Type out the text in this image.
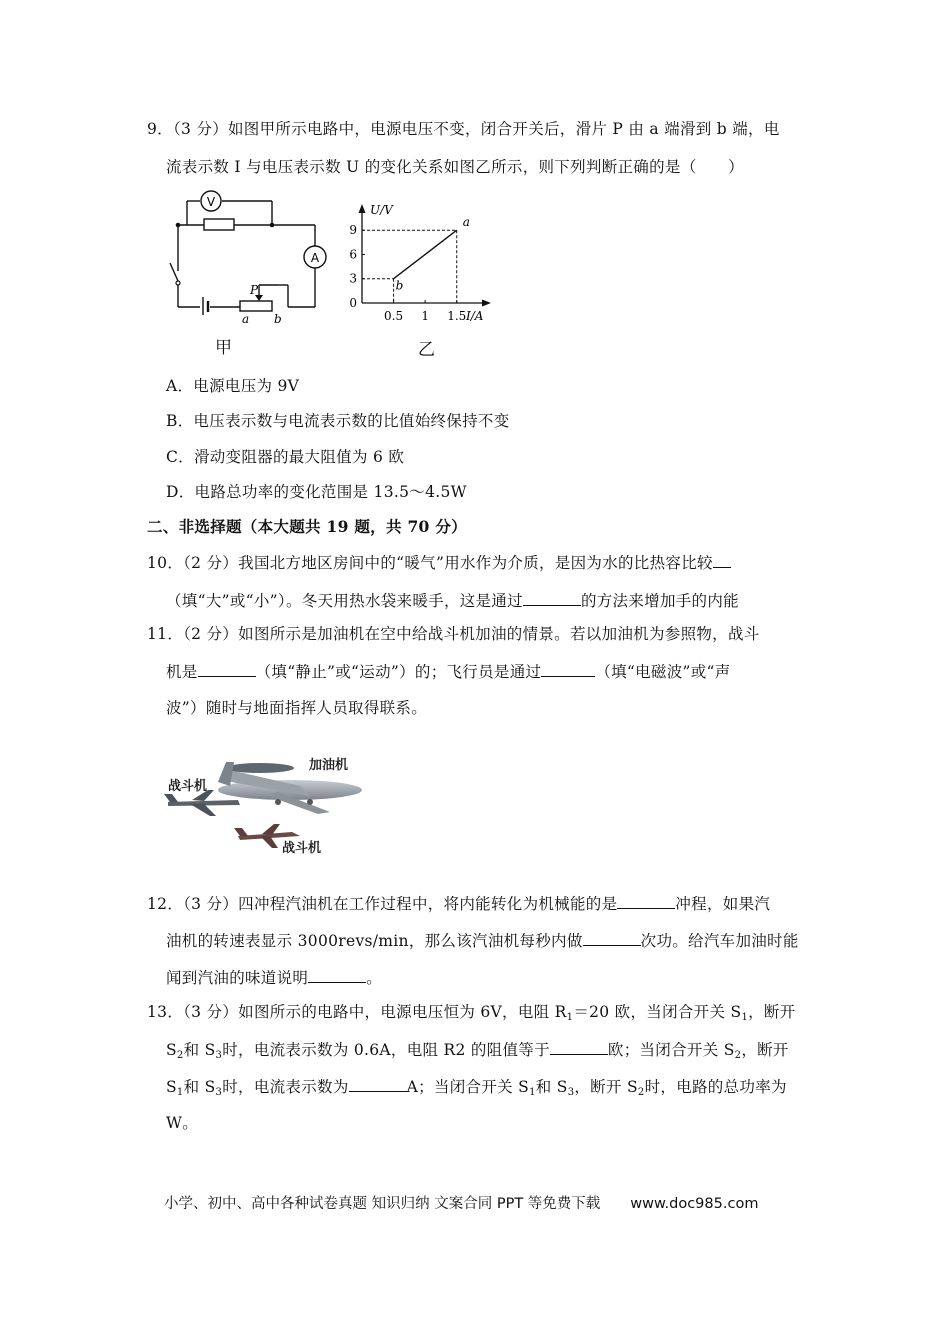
9．（3 分）如图甲所示电路中，电源电压不变，闭合开关后，滑片 P 由 a 端滑到 b 端，电
流表示数 I 与电压表示数 U 的变化关系如图乙所示，则下列判断正确的是（　　）
V
A
P
a b
甲
0
3
6
9
0.5 1 1.5
U/V
I/A
b
a
乙
A．电源电压为 9V
B．电压表示数与电流表示数的比值始终保持不变
C．滑动变阻器的最大阻值为 6 欧
D．电路总功率的变化范围是 13.5～4.5W
二、非选择题（本大题共 19 题，共 70 分）
10．（2 分）我国北方地区房间中的“暖气”用水作为介质，是因为水的比热容比较
（填“大”或“小”）。冬天用热水袋来暖手，这是通过	的方法来增加手的内能
11．（2 分）如图所示是加油机在空中给战斗机加油的情景。若以加油机为参照物，战斗
机是	（填“静止”或“运动”）的；飞行员是通过	（填“电磁波”或“声
波”）随时与地面指挥人员取得联系。
战斗机
加油机
战斗机
12．（3 分）四冲程汽油机在工作过程中，将内能转化为机械能的是	冲程，如果汽
油机的转速表显示 3000revs/min，那么该汽油机每秒内做	次功。给汽车加油时能
闻到汽油的味道说明	。
13．（3 分）如图所示的电路中，电源电压恒为 6V，电阻 $R_1=20$ 欧，当闭合开关 $S_1$，断开
$S_2$和 $S_3$时，电流表示数为 0.6A，电阻 R2 的阻值等于	欧；当闭合开关 $S_2$，断开
$S_1$和 $S_3$时，电流表示数为	A；当闭合开关 $S_1$和 $S_3$，断开 $S_2$时，电路的总功率为
W。
小学、初中、高中各种试卷真题 知识归纳 文案合同 PPT 等免费下载 www.doc985.com
